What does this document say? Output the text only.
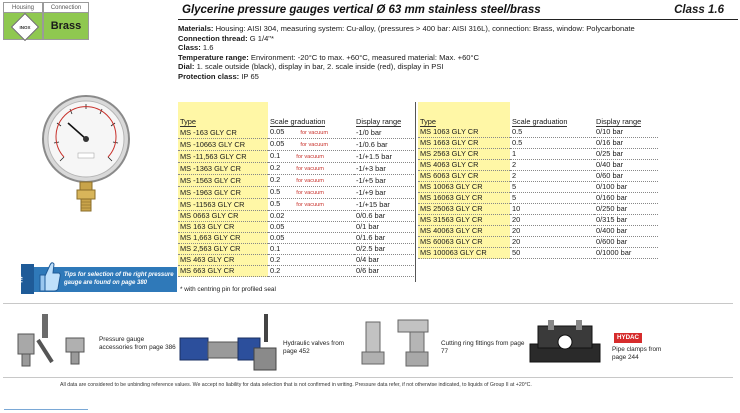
Housing	Connection
INOX	Brass
Glycerine pressure gauges vertical Ø 63 mm stainless steel/brass	Class 1.6
Materials: Housing: AISI 304, measuring system: Cu-alloy, (pressures > 400 bar: AISI 316L), connection: Brass, window: Polycarbonate
Connection thread: G 1/4"*
Class: 1.6
Temperature range: Environment: -20°C to max. +60°C, measured material: Max. +60°C
Dial: 1. scale outside (black), display in bar, 2. scale inside (red), display in PSI
Protection class: IP 65
Type	Scale graduation	Display range
MS -163 GLY CR	0.05 for vacuum	-1/0 bar
MS -10663 GLY CR	0.05 for vacuum	-1/0.6 bar
MS -11,563 GLY CR	0.1 for vacuum	-1/+1.5 bar
MS -1363 GLY CR	0.2 for vacuum	-1/+3 bar
MS -1563 GLY CR	0.2 for vacuum	-1/+5 bar
MS -1963 GLY CR	0.5 for vacuum	-1/+9 bar
MS -11563 GLY CR	0.5 for vacuum	-1/+15 bar
MS 0663 GLY CR	0.02	0/0.6 bar
MS 163 GLY CR	0.05	0/1 bar
MS 1,663 GLY CR	0.05	0/1.6 bar
MS 2,563 GLY CR	0.1	0/2.5 bar
MS 463 GLY CR	0.2	0/4 bar
MS 663 GLY CR	0.2	0/6 bar
Type	Scale graduation	Display range
MS 1063 GLY CR	0.5	0/10 bar
MS 1663 GLY CR	0.5	0/16 bar
MS 2563 GLY CR	1	0/25 bar
MS 4063 GLY CR	2	0/40 bar
MS 6063 GLY CR	2	0/60 bar
MS 10063 GLY CR	5	0/100 bar
MS 16063 GLY CR	5	0/160 bar
MS 25063 GLY CR	10	0/250 bar
MS 31563 GLY CR	20	0/315 bar
MS 40063 GLY CR	20	0/400 bar
MS 60063 GLY CR	20	0/600 bar
MS 100063 GLY CR	50	0/1000 bar
* with centring pin for profiled seal
TIP	Tips for selection of the right pressure gauge are found on page 380
Pressure gauge accessories from page 386
Hydraulic valves from page 452
Cutting ring fittings from page 77
HYDAC
Pipe clamps from page 244
All data are considered to be unbinding reference values. We accept no liability for data selection that is not confirmed in writing. Pressure data refer, if not otherwise indicated, to liquids of Group II at +20°C.
